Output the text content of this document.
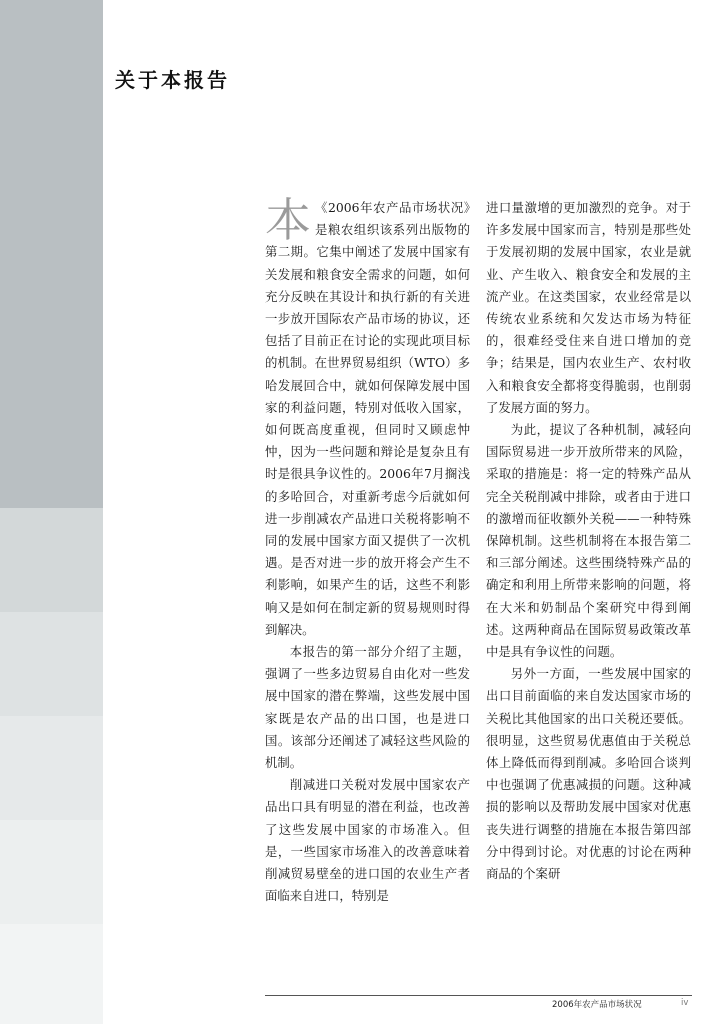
关于本报告

本 《2006年农产品市场状况》是粮农组织该系列出版物的第二期。它集中阐述了发展中国家有关发展和粮食安全需求的问题，如何充分反映在其设计和执行新的有关进一步放开国际农产品市场的协议，还包括了目前正在讨论的实现此项目标的机制。在世界贸易组织（WTO）多哈发展回合中，就如何保障发展中国家的利益问题，特别对低收入国家，如何既高度重视，但同时又顾虑忡忡，因为一些问题和辩论是复杂且有时是很具争议性的。2006年7月搁浅的多哈回合，对重新考虑今后就如何进一步削减农产品进口关税将影响不同的发展中国家方面又提供了一次机遇。是否对进一步的放开将会产生不利影响，如果产生的话，这些不利影响又是如何在制定新的贸易规则时得到解决。

本报告的第一部分介绍了主题，强调了一些多边贸易自由化对一些发展中国家的潜在弊端，这些发展中国家既是农产品的出口国，也是进口国。该部分还阐述了减轻这些风险的机制。

削减进口关税对发展中国家农产品出口具有明显的潜在利益，也改善了这些发展中国家的市场准入。但是，一些国家市场准入的改善意味着削减贸易壁垒的进口国的农业生产者面临来自进口，特别是

进口量激增的更加激烈的竞争。对于许多发展中国家而言，特别是那些处于发展初期的发展中国家，农业是就业、产生收入、粮食安全和发展的主流产业。在这类国家，农业经常是以传统农业系统和欠发达市场为特征的，很难经受住来自进口增加的竞争；结果是，国内农业生产、农村收入和粮食安全都将变得脆弱，也削弱了发展方面的努力。

为此，提议了各种机制，减轻向国际贸易进一步开放所带来的风险，采取的措施是：将一定的特殊产品从完全关税削减中排除，或者由于进口的激增而征收额外关税——一种特殊保障机制。这些机制将在本报告第二和三部分阐述。这些围绕特殊产品的确定和利用上所带来影响的问题，将在大米和奶制品个案研究中得到阐述。这两种商品在国际贸易政策改革中是具有争议性的问题。

另外一方面，一些发展中国家的出口目前面临的来自发达国家市场的关税比其他国家的出口关税还要低。很明显，这些贸易优惠值由于关税总体上降低而得到削减。多哈回合谈判中也强调了优惠减损的问题。这种减损的影响以及帮助发展中国家对优惠丧失进行调整的措施在本报告第四部分中得到讨论。对优惠的讨论在两种商品的个案研

2006年农产品市场状况	iv
